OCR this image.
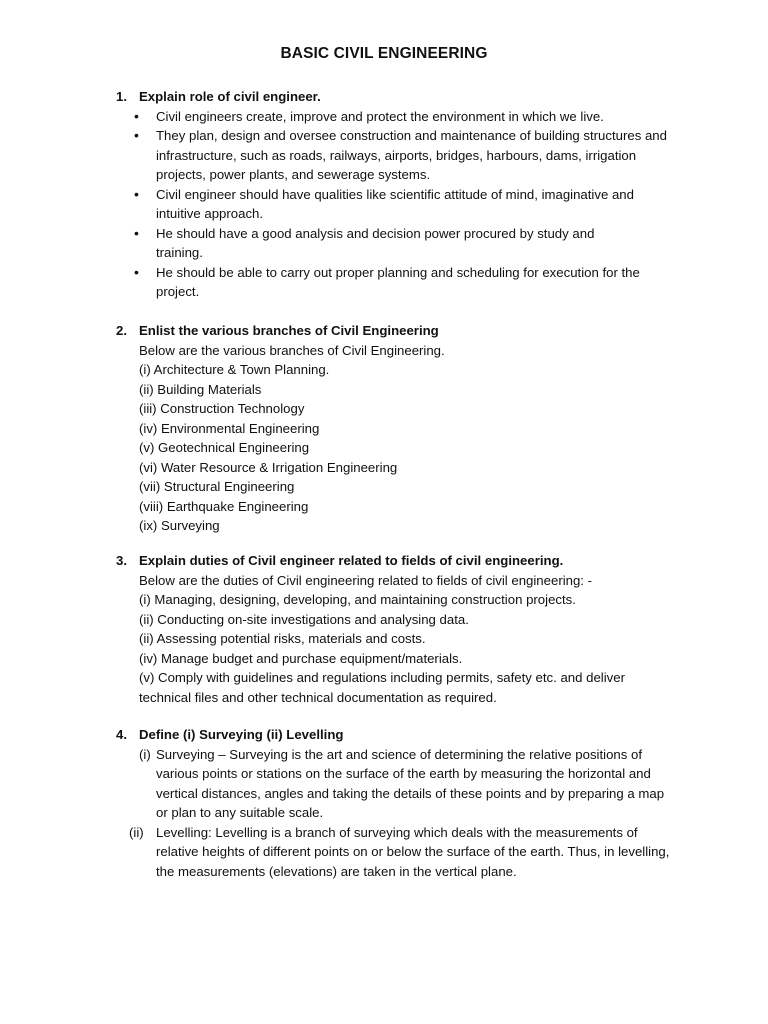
BASIC CIVIL ENGINEERING
1. Explain role of civil engineer.
• Civil engineers create, improve and protect the environment in which we live.
• They plan, design and oversee construction and maintenance of building structures and infrastructure, such as roads, railways, airports, bridges, harbours, dams, irrigation projects, power plants, and sewerage systems.
• Civil engineer should have qualities like scientific attitude of mind, imaginative and intuitive approach.
• He should have a good analysis and decision power procured by study and training.
• He should be able to carry out proper planning and scheduling for execution for the project.
2. Enlist the various branches of Civil Engineering
Below are the various branches of Civil Engineering.
(i) Architecture & Town Planning.
(ii) Building Materials
(iii) Construction Technology
(iv) Environmental Engineering
(v) Geotechnical Engineering
(vi) Water Resource & Irrigation Engineering
(vii) Structural Engineering
(viii) Earthquake Engineering
(ix) Surveying
3. Explain duties of Civil engineer related to fields of civil engineering.
Below are the duties of Civil engineering related to fields of civil engineering: -
(i) Managing, designing, developing, and maintaining construction projects.
(ii) Conducting on-site investigations and analysing data.
(ii) Assessing potential risks, materials and costs.
(iv) Manage budget and purchase equipment/materials.
(v) Comply with guidelines and regulations including permits, safety etc. and deliver technical files and other technical documentation as required.
4. Define (i) Surveying (ii) Levelling
(i) Surveying – Surveying is the art and science of determining the relative positions of various points or stations on the surface of the earth by measuring the horizontal and vertical distances, angles and taking the details of these points and by preparing a map or plan to any suitable scale.
(ii) Levelling: Levelling is a branch of surveying which deals with the measurements of relative heights of different points on or below the surface of the earth. Thus, in levelling, the measurements (elevations) are taken in the vertical plane.
